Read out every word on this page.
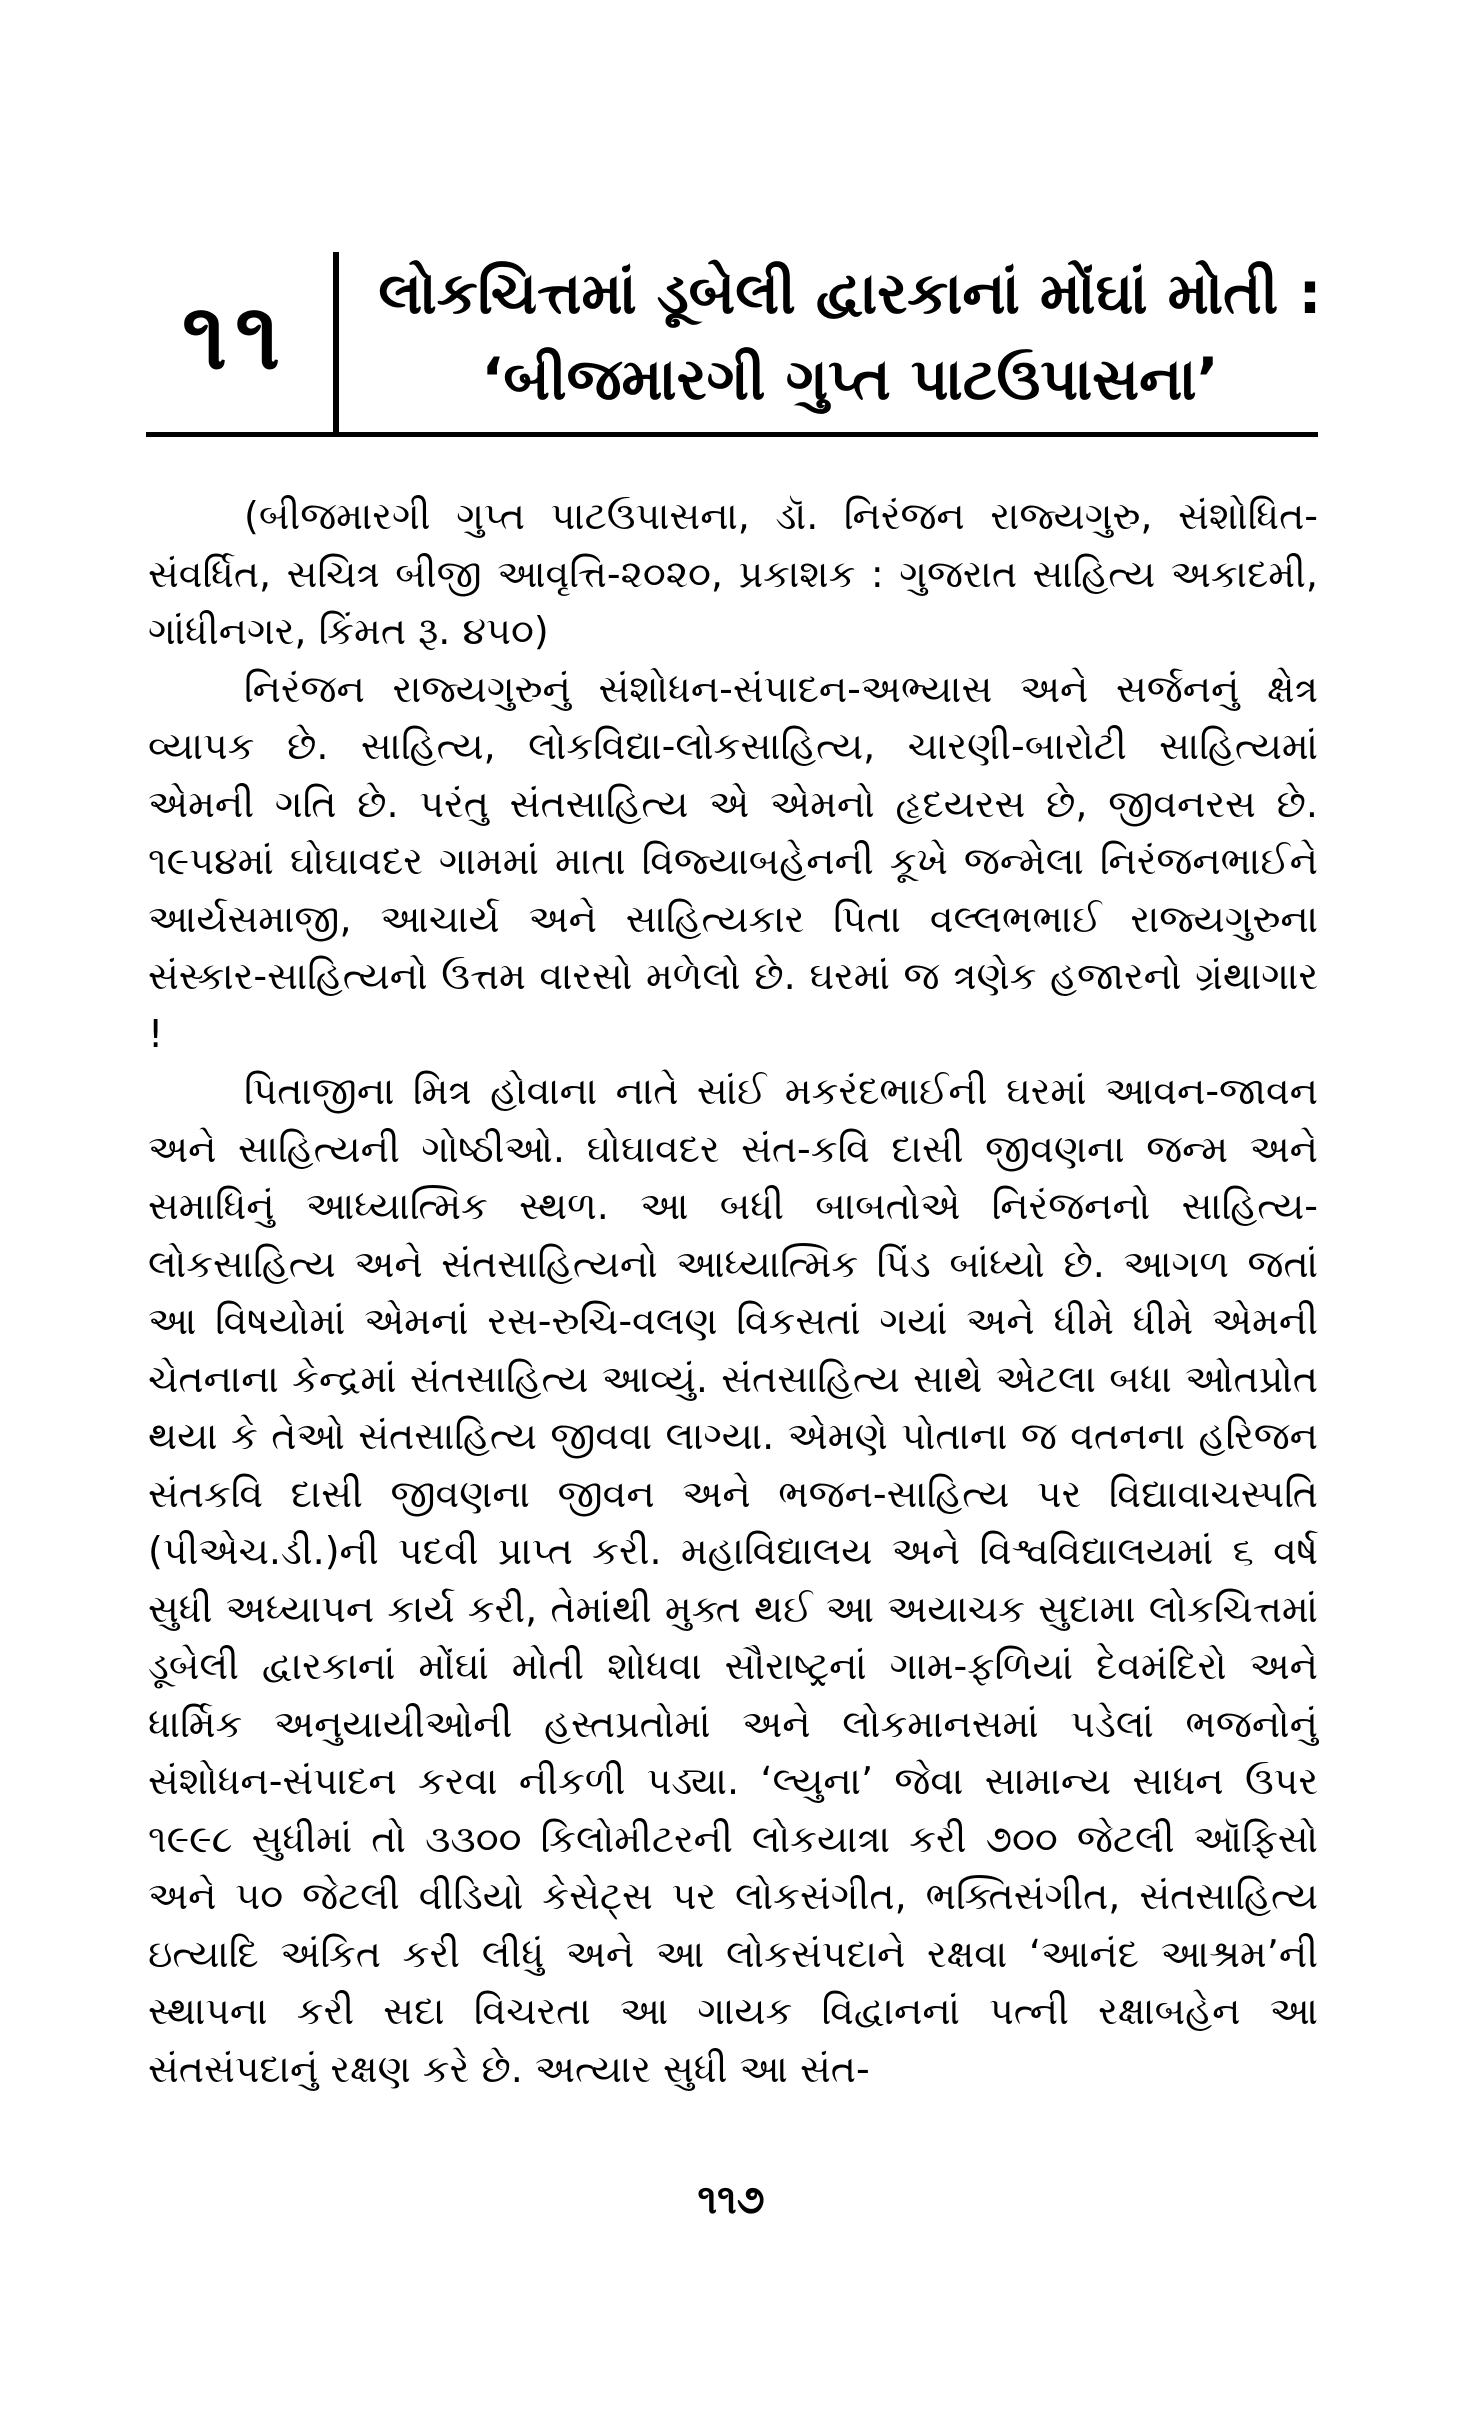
૧૧	લોકચિત્તમાં ડૂબેલી દ્વારકાનાં મોંઘાં મોતી :
‘બીજમારગી ગુપ્ત પાટઉપાસના’

(બીજમારગી ગુપ્ત પાટઉપાસના, ડૉ. નિરંજન રાજ્યગુરુ, સંશોધિત-સંવર્ધિત, સચિત્ર બીજી આવૃત્તિ-૨૦૨૦, પ્રકાશક : ગુજરાત સાહિત્ય અકાદમી, ગાંધીનગર, કિંમત રૂ. ૪૫૦)

નિરંજન રાજ્યગુરુનું સંશોધન-સંપાદન-અભ્યાસ અને સર્જનનું ક્ષેત્ર વ્યાપક છે. સાહિત્ય, લોકવિદ્યા-લોકસાહિત્ય, ચારણી-બારોટી સાહિત્યમાં એમની ગતિ છે. પરંતુ સંતસાહિત્ય એ એમનો હૃદયરસ છે, જીવનરસ છે. ૧૯૫૪માં ઘોઘાવદર ગામમાં માતા વિજ્યાબહેનની કૂખે જન્મેલા નિરંજનભાઈને આર્યસમાજી, આચાર્ય અને સાહિત્યકાર પિતા વલ્લભભાઈ રાજ્યગુરુના સંસ્કાર-સાહિત્યનો ઉત્તમ વારસો મળેલો છે. ઘરમાં જ ત્રણેક હજારનો ગ્રંથાગાર !

પિતાજીના મિત્ર હોવાના નાતે સાંઈ મકરંદભાઈની ઘરમાં આવન-જાવન અને સાહિત્યની ગોષ્ઠીઓ. ઘોઘાવદર સંત-કવિ દાસી જીવણના જન્મ અને સમાધિનું આધ્યાત્મિક સ્થળ. આ બધી બાબતોએ નિરંજનનો સાહિત્ય-લોકસાહિત્ય અને સંતસાહિત્યનો આધ્યાત્મિક પિંડ બાંધ્યો છે. આગળ જતાં આ વિષયોમાં એમનાં રસ-રુચિ-વલણ વિકસતાં ગયાં અને ધીમે ધીમે એમની ચેતનાના કેન્દ્રમાં સંતસાહિત્ય આવ્યું. સંતસાહિત્ય સાથે એટલા બધા ઓતપ્રોત થયા કે તેઓ સંતસાહિત્ય જીવવા લાગ્યા. એમણે પોતાના જ વતનના હરિજન સંતકવિ દાસી જીવણના જીવન અને ભજન-સાહિત્ય પર વિદ્યાવાચસ્પતિ (પીએચ.ડી.)ની પદવી પ્રાપ્ત કરી. મહાવિદ્યાલય અને વિશ્વવિદ્યાલયમાં ૬ વર્ષ સુધી અધ્યાપન કાર્ય કરી, તેમાંથી મુક્ત થઈ આ અયાચક સુદામા લોકચિત્તમાં ડૂબેલી દ્વારકાનાં મોંઘાં મોતી શોધવા સૌરાષ્ટ્રનાં ગામ-ફળિયાં દેવમંદિરો અને ધાર્મિક અનુયાયીઓની હસ્તપ્રતોમાં અને લોકમાનસમાં પડેલાં ભજનોનું સંશોધન-સંપાદન કરવા નીકળી પડ્યા. ‘લ્યુના’ જેવા સામાન્ય સાધન ઉપર ૧૯૯૮ સુધીમાં તો ૩૩૦૦ કિલોમીટરની લોકયાત્રા કરી ૭૦૦ જેટલી ઑફિસો અને ૫૦ જેટલી વીડિયો કેસેટ્સ પર લોકસંગીત, ભક્તિસંગીત, સંતસાહિત્ય ઇત્યાદિ અંકિત કરી લીધું અને આ લોકસંપદાને રક્ષવા ‘આનંદ આશ્રમ’ની સ્થાપના કરી સદા વિચરતા આ ગાયક વિદ્વાનનાં પત્ની રક્ષાબહેન આ સંતસંપદાનું રક્ષણ કરે છે. અત્યાર સુધી આ સંત-

૧૧૭
